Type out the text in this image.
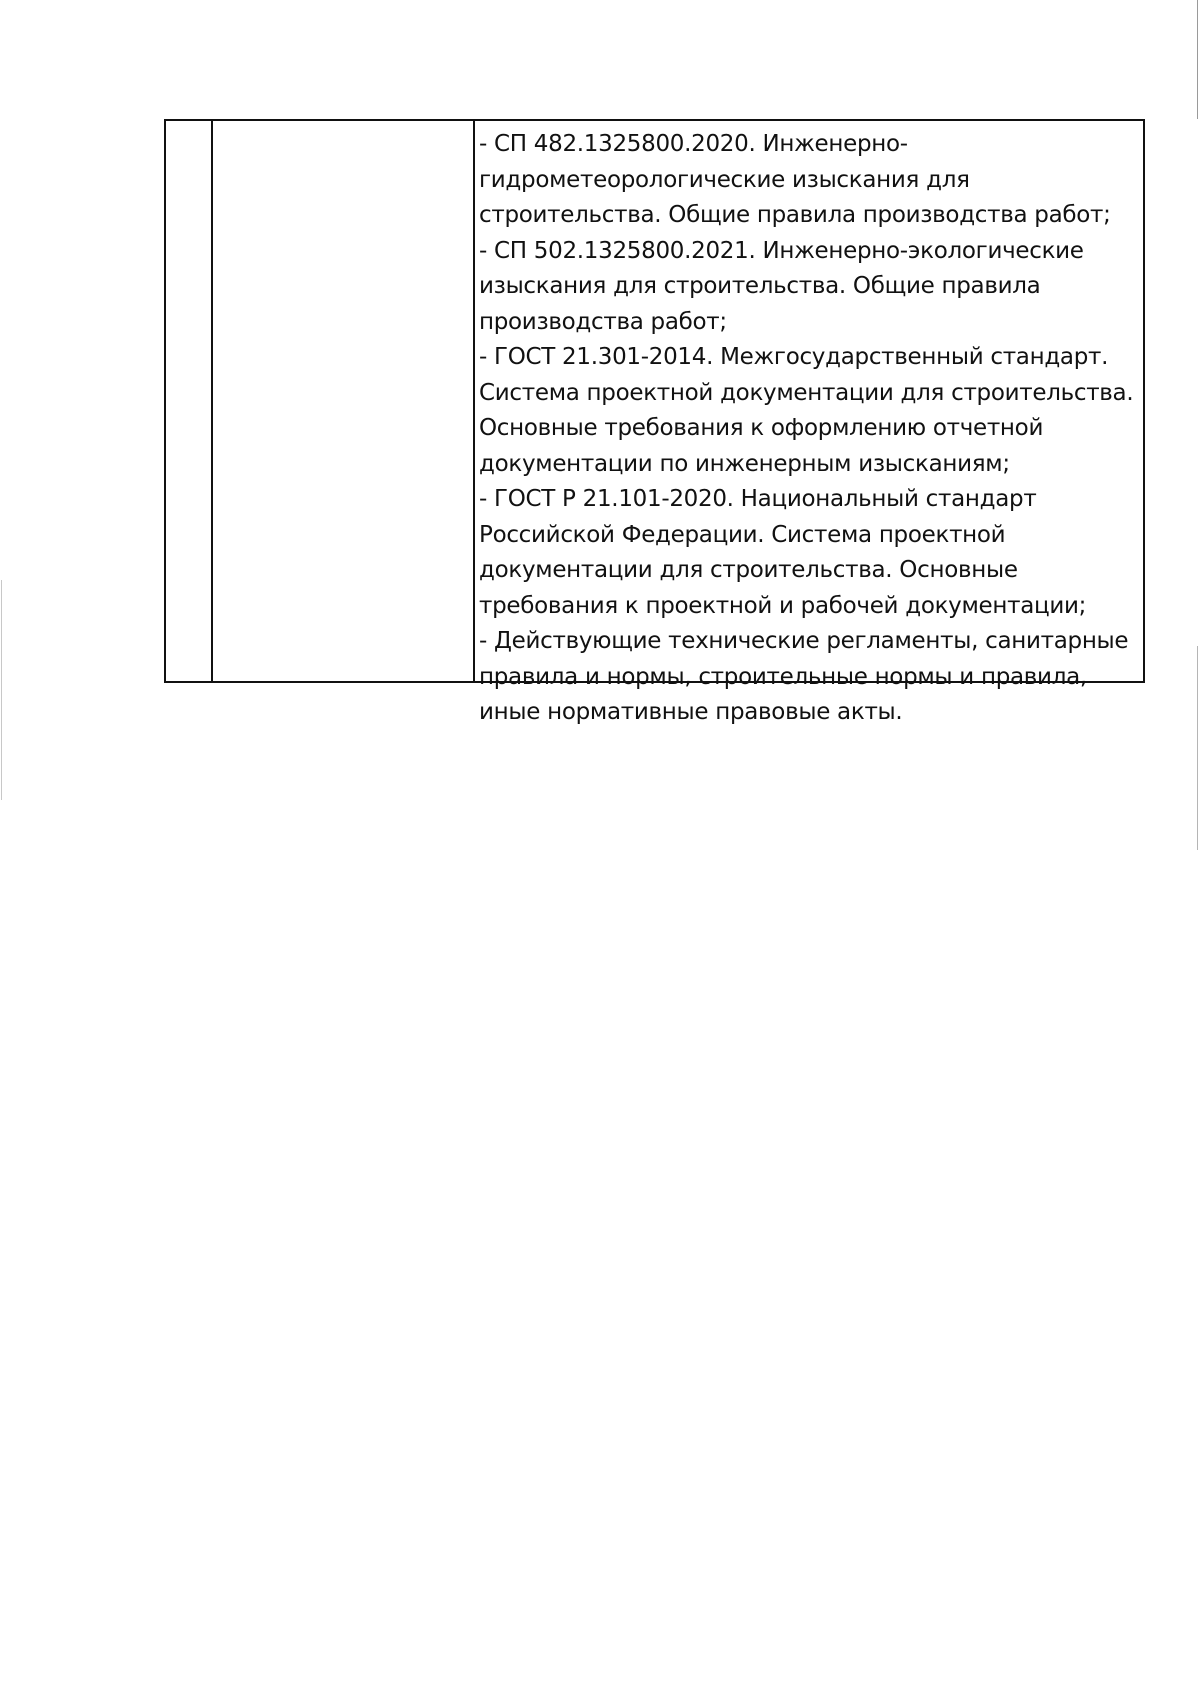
- СП 482.1325800.2020. Инженерно-
гидрометеорологические изыскания для
строительства. Общие правила производства работ;
- СП 502.1325800.2021. Инженерно-экологические
изыскания для строительства. Общие правила
производства работ;
- ГОСТ 21.301-2014. Межгосударственный стандарт.
Система проектной документации для строительства.
Основные требования к оформлению отчетной
документации по инженерным изысканиям;
- ГОСТ Р 21.101-2020. Национальный стандарт
Российской Федерации. Система проектной
документации для строительства. Основные
требования к проектной и рабочей документации;
- Действующие технические регламенты, санитарные
правила и нормы, строительные нормы и правила,
иные нормативные правовые акты.
